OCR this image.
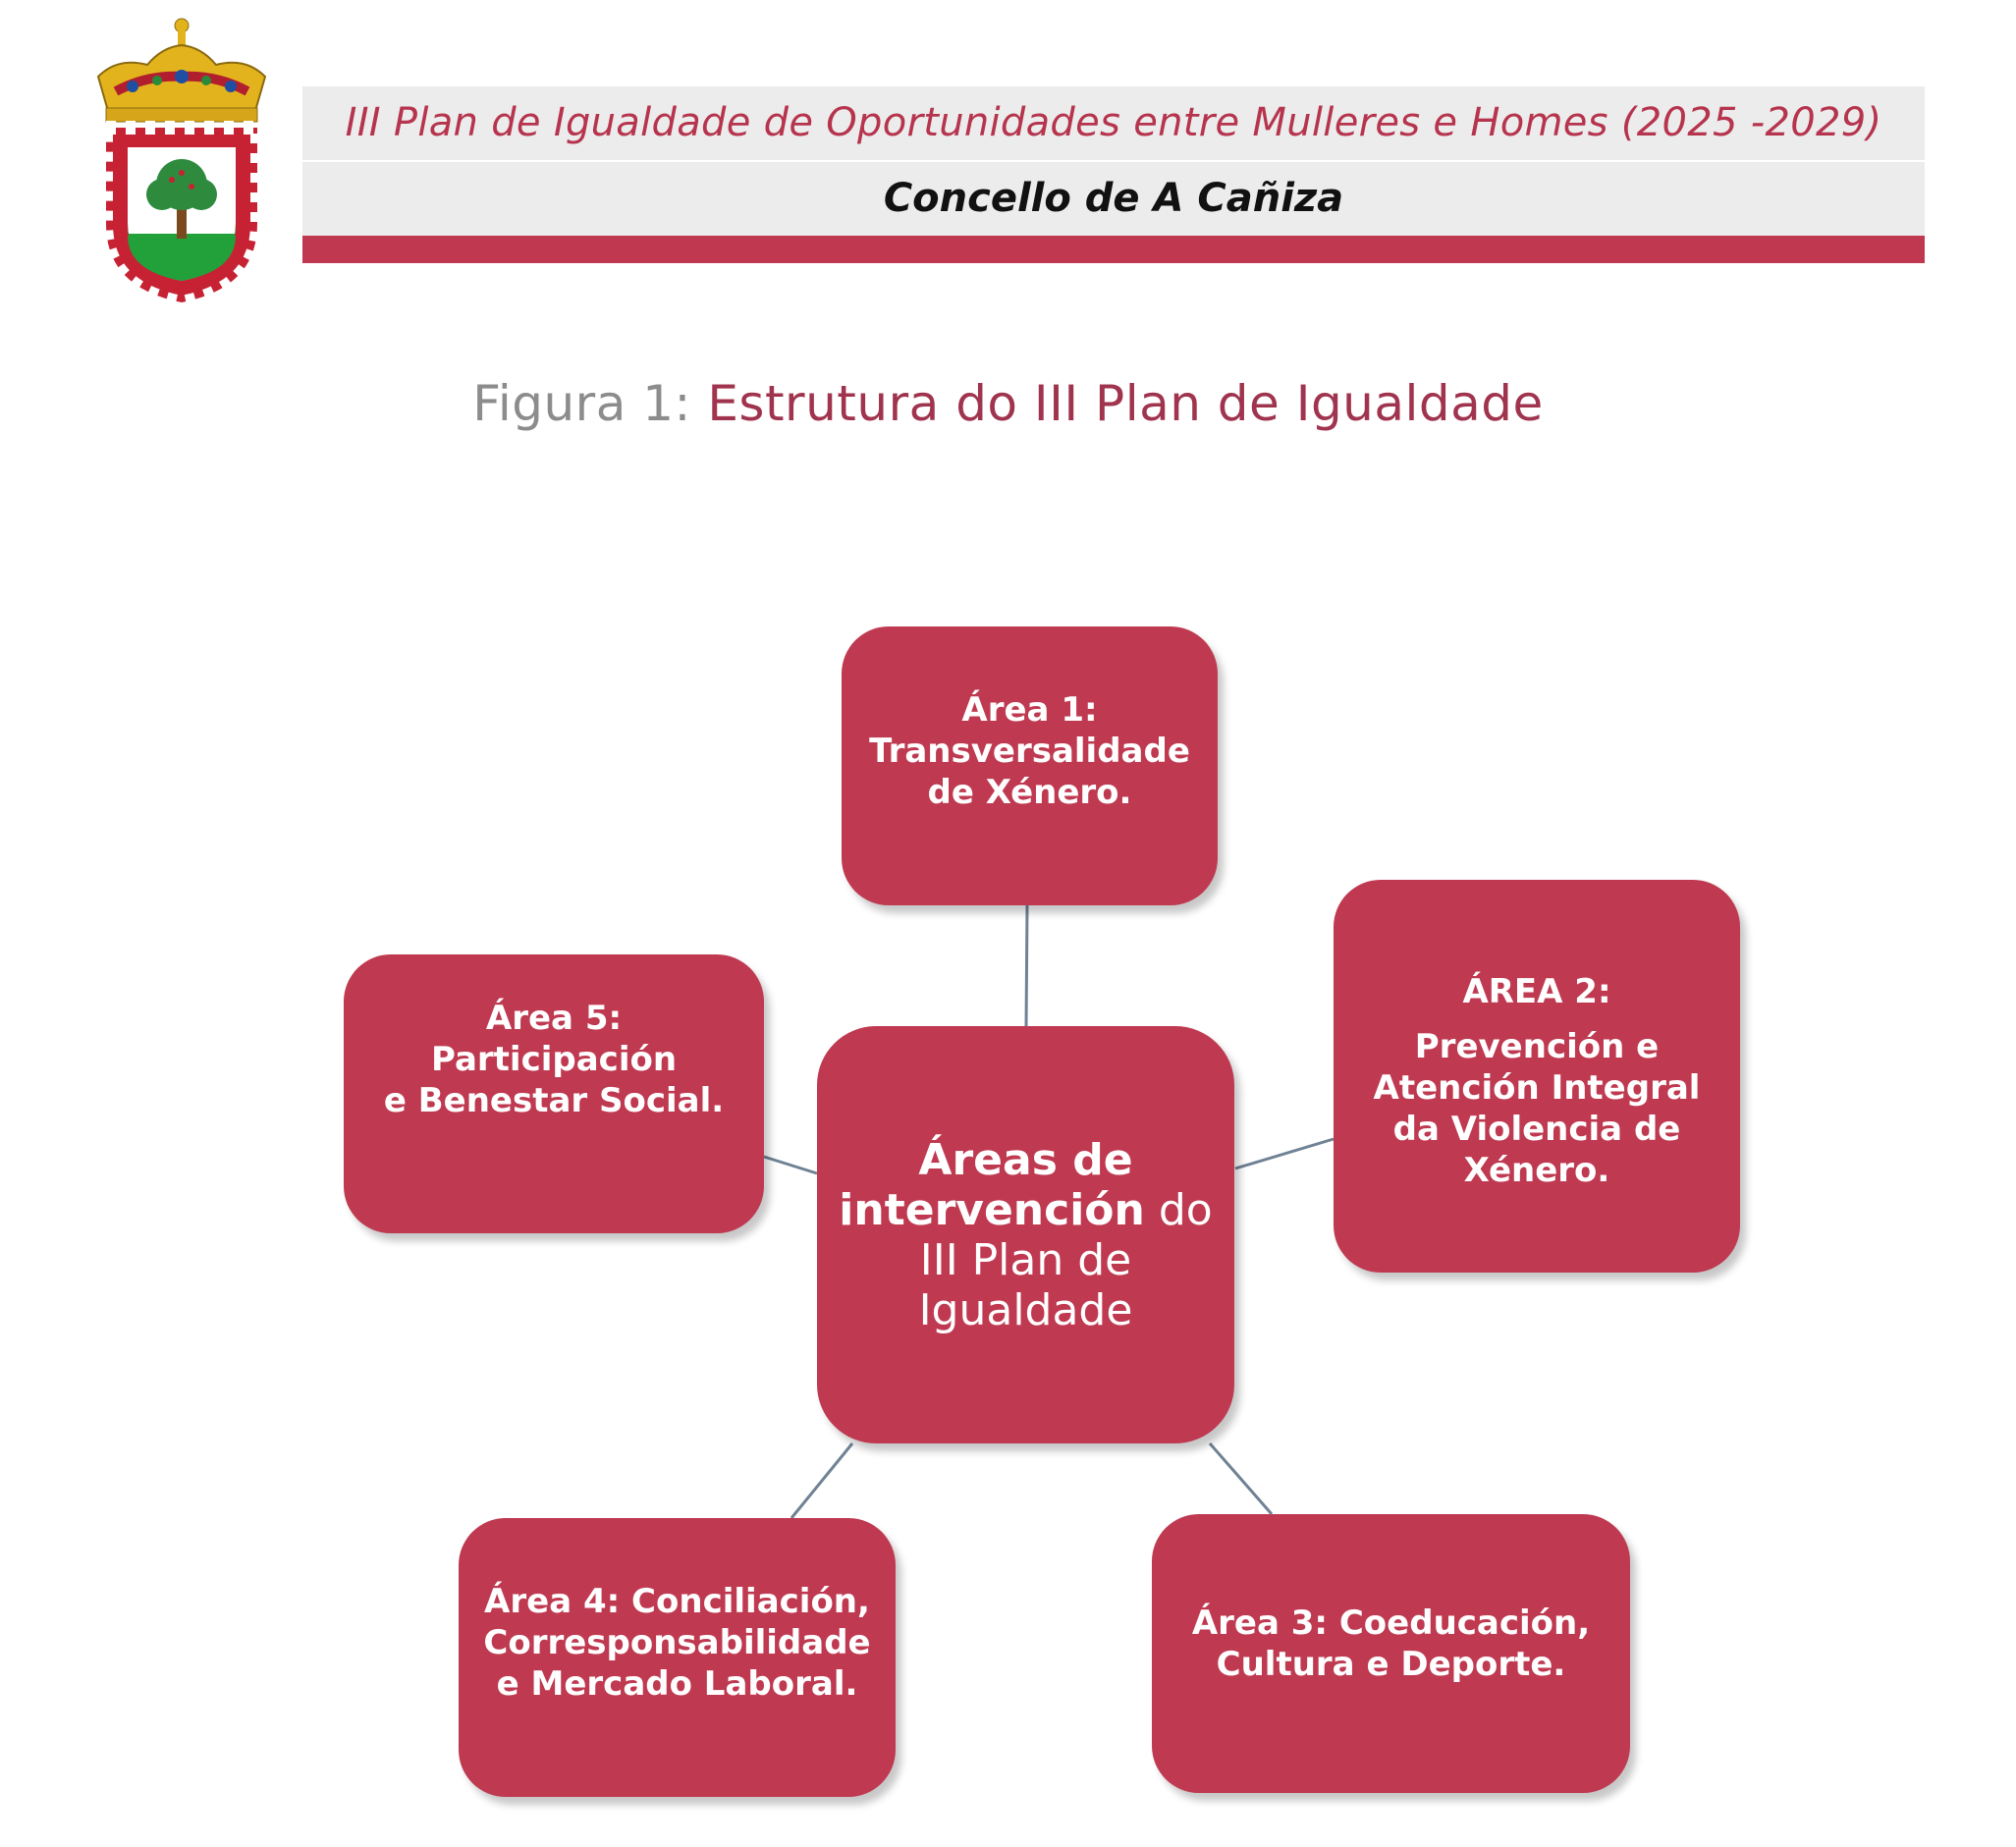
III Plan de Igualdade de Oportunidades entre Mulleres e Homes (2025 -2029)
Concello de A Cañiza
Figura 1: Estrutura do III Plan de Igualdade
Áreas de
intervención do
III Plan de
Igualdade
Área 1:
Transversalidade
de Xénero.
ÁREA 2:
Prevención e
Atención Integral
da Violencia de
Xénero.
Área 3: Coeducación,
Cultura e Deporte.
Área 4: Conciliación,
Corresponsabilidade
e Mercado Laboral.
Área 5: Participación
e Benestar Social.
